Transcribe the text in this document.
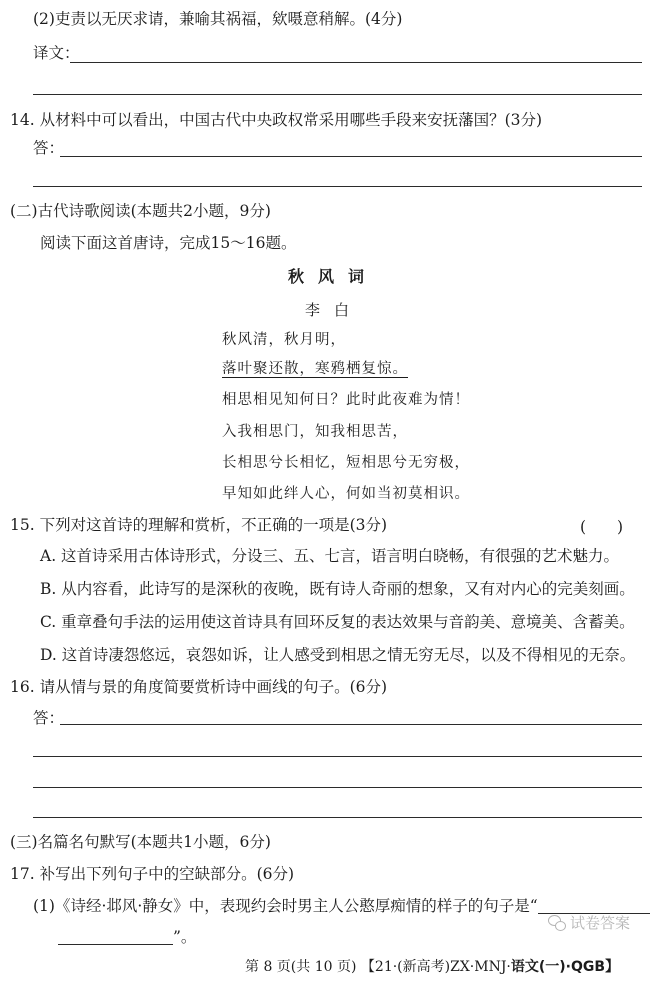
(2)吏责以无厌求请，兼喻其祸福，欸嗫意稍解。(4分)
译文：
14. 从材料中可以看出，中国古代中央政权常采用哪些手段来安抚藩国？(3分)
答：
(二)古代诗歌阅读(本题共2小题，9分)
阅读下面这首唐诗，完成15～16题。
秋风词
李白
秋风清，秋月明，
落叶聚还散，寒鸦栖复惊。
相思相见知何日？此时此夜难为情！
入我相思门，知我相思苦，
长相思兮长相忆，短相思兮无穷极，
早知如此绊人心，何如当初莫相识。
15. 下列对这首诗的理解和赏析，不正确的一项是(3分)	(　　)
A. 这首诗采用古体诗形式，分设三、五、七言，语言明白晓畅，有很强的艺术魅力。
B. 从内容看，此诗写的是深秋的夜晚，既有诗人奇丽的想象，又有对内心的完美刻画。
C. 重章叠句手法的运用使这首诗具有回环反复的表达效果与音韵美、意境美、含蓄美。
D. 这首诗凄怨悠远，哀怨如诉，让人感受到相思之情无穷无尽，以及不得相见的无奈。
16. 请从情与景的角度简要赏析诗中画线的句子。(6分)
答：
(三)名篇名句默写(本题共1小题，6分)
17. 补写出下列句子中的空缺部分。(6分)
(1)《诗经·邶风·静女》中，表现约会时男主人公憨厚痴情的样子的句子是“
”。
试卷答案
第 8 页(共 10 页) 【21·(新高考)ZX·MNJ·语文(一)·QGB】
